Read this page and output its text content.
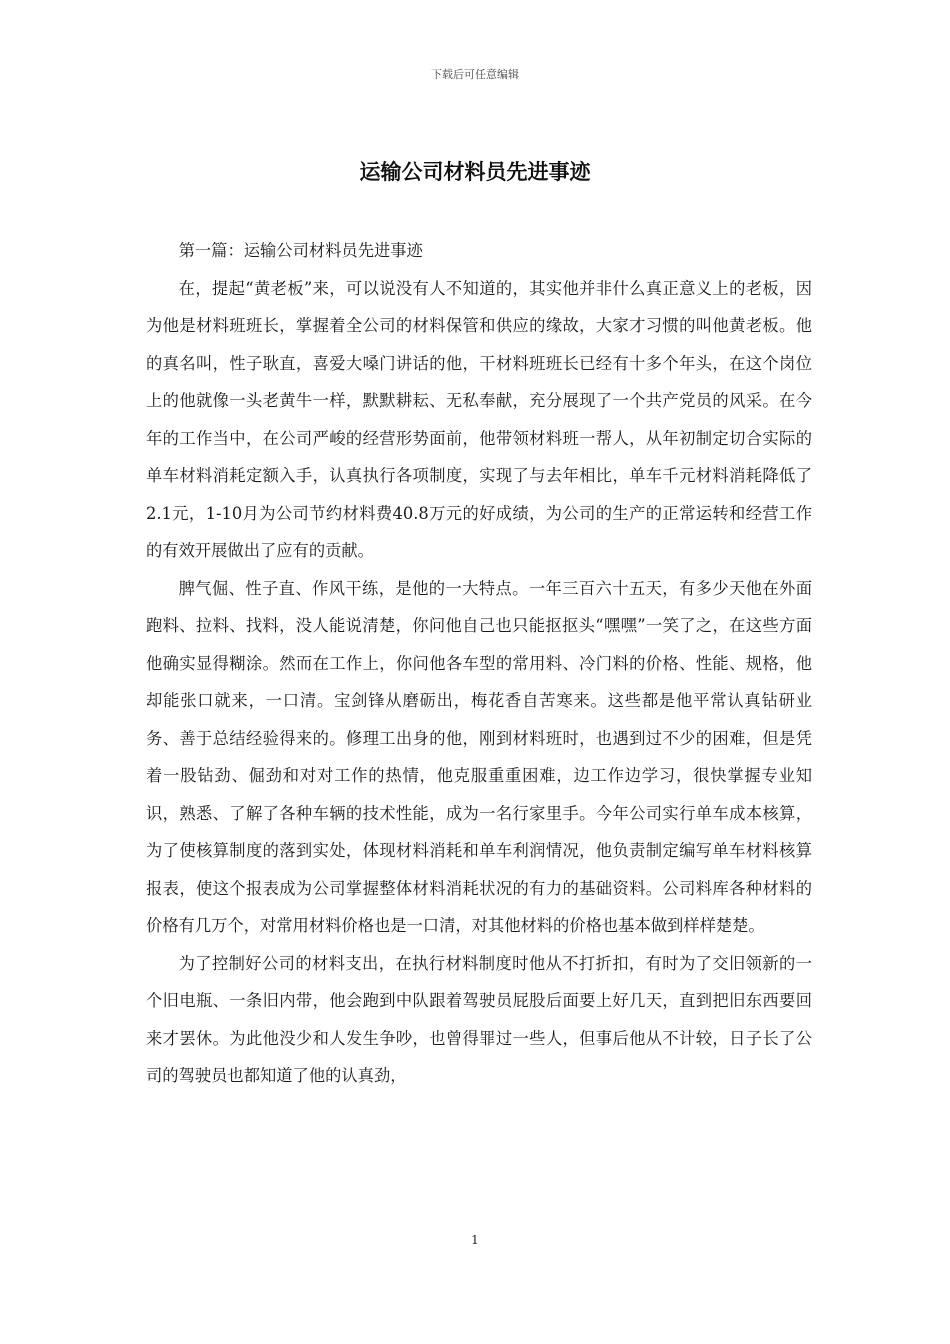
下载后可任意编辑
运输公司材料员先进事迹

第一篇：运输公司材料员先进事迹

在，提起“黄老板”来，可以说没有人不知道的，其实他并非什么真正意义上的老板，因为他是材料班班长，掌握着全公司的材料保管和供应的缘故，大家才习惯的叫他黄老板。他的真名叫，性子耿直，喜爱大嗓门讲话的他，干材料班班长已经有十多个年头，在这个岗位上的他就像一头老黄牛一样，默默耕耘、无私奉献，充分展现了一个共产党员的风采。在今年的工作当中，在公司严峻的经营形势面前，他带领材料班一帮人，从年初制定切合实际的单车材料消耗定额入手，认真执行各项制度，实现了与去年相比，单车千元材料消耗降低了2.1元，1-10月为公司节约材料费40.8万元的好成绩，为公司的生产的正常运转和经营工作的有效开展做出了应有的贡献。

脾气倔、性子直、作风干练，是他的一大特点。一年三百六十五天，有多少天他在外面跑料、拉料、找料，没人能说清楚，你问他自己也只能抠抠头“嘿嘿”一笑了之，在这些方面他确实显得糊涂。然而在工作上，你问他各车型的常用料、冷门料的价格、性能、规格，他却能张口就来，一口清。宝剑锋从磨砺出，梅花香自苦寒来。这些都是他平常认真钻研业务、善于总结经验得来的。修理工出身的他，刚到材料班时，也遇到过不少的困难，但是凭着一股钻劲、倔劲和对对工作的热情，他克服重重困难，边工作边学习，很快掌握专业知识，熟悉、了解了各种车辆的技术性能，成为一名行家里手。今年公司实行单车成本核算，为了使核算制度的落到实处，体现材料消耗和单车利润情况，他负责制定编写单车材料核算报表，使这个报表成为公司掌握整体材料消耗状况的有力的基础资料。公司料库各种材料的价格有几万个，对常用材料价格也是一口清，对其他材料的价格也基本做到样样楚楚。

为了控制好公司的材料支出，在执行材料制度时他从不打折扣，有时为了交旧领新的一个旧电瓶、一条旧内带，他会跑到中队跟着驾驶员屁股后面要上好几天，直到把旧东西要回来才罢休。为此他没少和人发生争吵，也曾得罪过一些人，但事后他从不计较，日子长了公司的驾驶员也都知道了他的认真劲，

1
